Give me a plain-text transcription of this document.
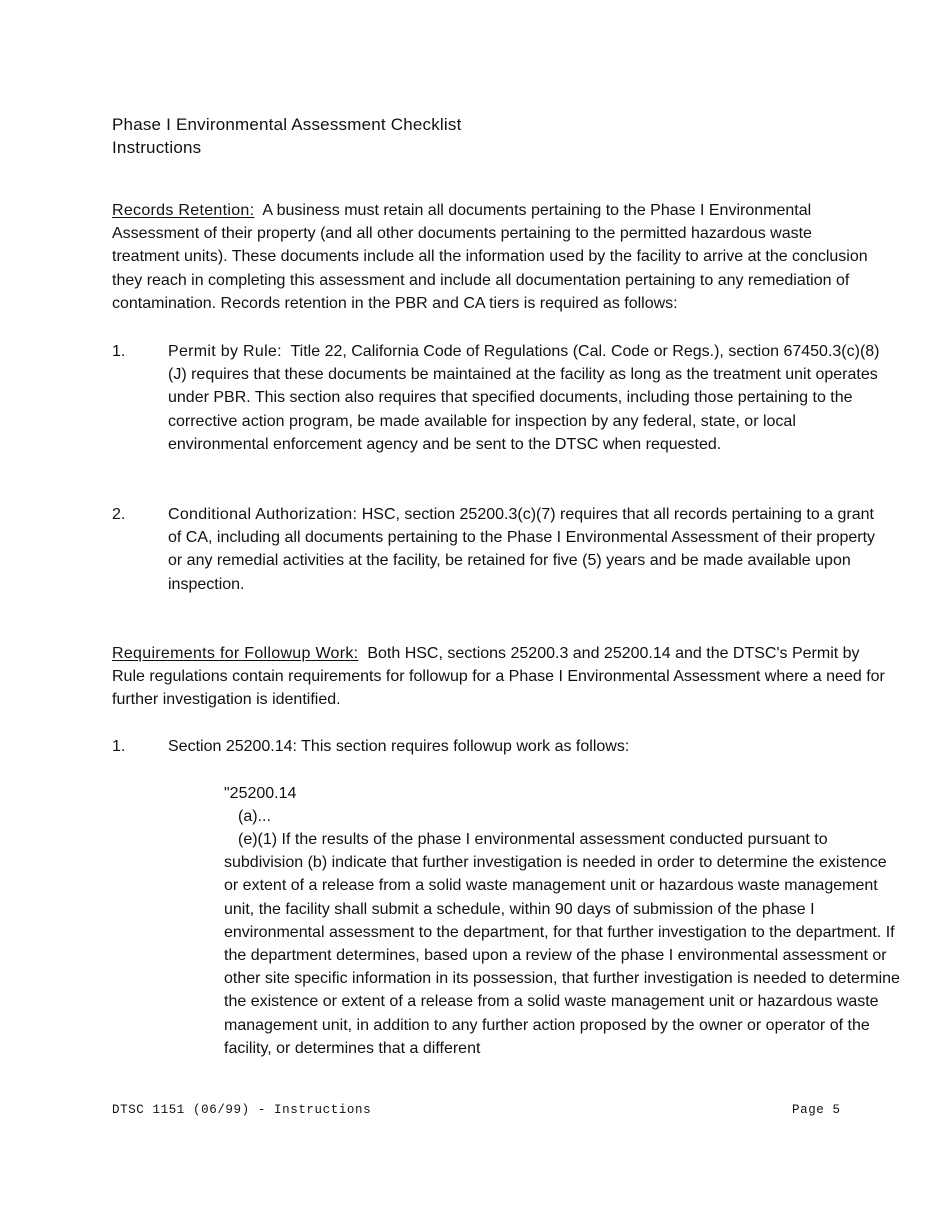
Phase I Environmental Assessment Checklist

Instructions

Records Retention: A business must retain all documents pertaining to the Phase I Environmental Assessment of their property (and all other documents pertaining to the permitted hazardous waste treatment units). These documents include all the information used by the facility to arrive at the conclusion they reach in completing this assessment and include all documentation pertaining to any remediation of contamination. Records retention in the PBR and CA tiers is required as follows:

1.	Permit by Rule: Title 22, California Code of Regulations (Cal. Code or Regs.), section 67450.3(c)(8)(J) requires that these documents be maintained at the facility as long as the treatment unit operates under PBR. This section also requires that specified documents, including those pertaining to the corrective action program, be made available for inspection by any federal, state, or local environmental enforcement agency and be sent to the DTSC when requested.

2.	Conditional Authorization: HSC, section 25200.3(c)(7) requires that all records pertaining to a grant of CA, including all documents pertaining to the Phase I Environmental Assessment of their property or any remedial activities at the facility, be retained for five (5) years and be made available upon inspection.

Requirements for Followup Work: Both HSC, sections 25200.3 and 25200.14 and the DTSC's Permit by Rule regulations contain requirements for followup for a Phase I Environmental Assessment where a need for further investigation is identified.

1.	Section 25200.14: This section requires followup work as follows:

"25200.14

(a)...

(e)(1) If the results of the phase I environmental assessment conducted pursuant to subdivision (b) indicate that further investigation is needed in order to determine the existence or extent of a release from a solid waste management unit or hazardous waste management unit, the facility shall submit a schedule, within 90 days of submission of the phase I environmental assessment to the department, for that further investigation to the department. If the department determines, based upon a review of the phase I environmental assessment or other site specific information in its possession, that further investigation is needed to determine the existence or extent of a release from a solid waste management unit or hazardous waste management unit, in addition to any further action proposed by the owner or operator of the facility, or determines that a different

DTSC 1151 (06/99) - Instructions	Page 5
